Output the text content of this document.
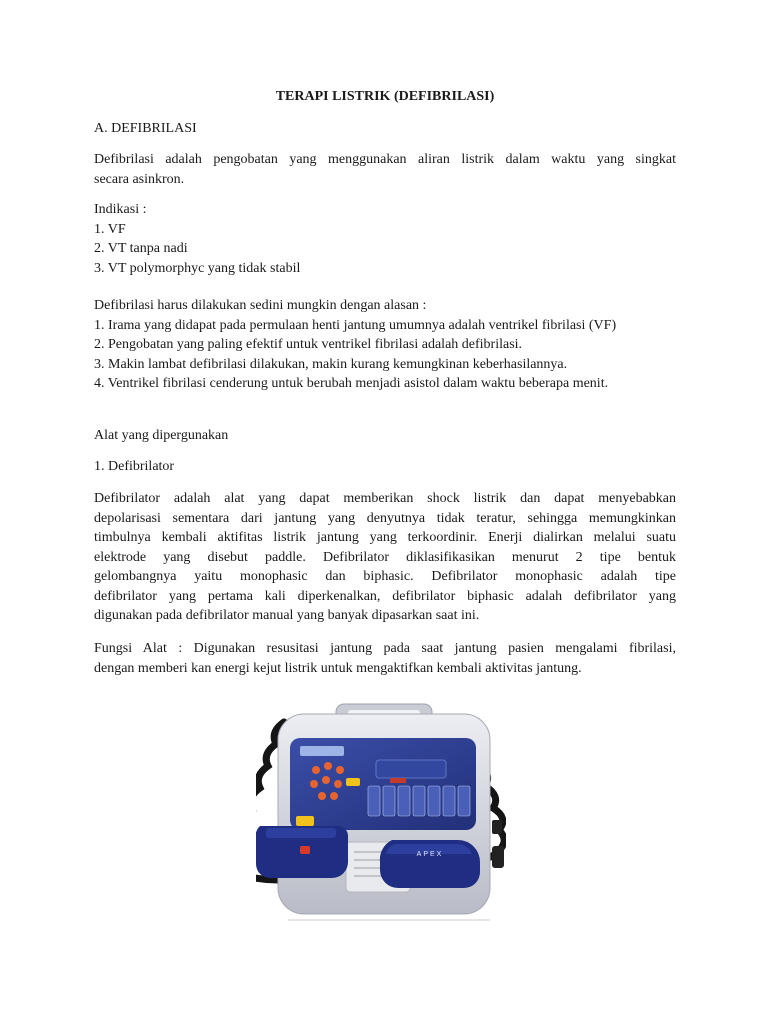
TERAPI LISTRIK (DEFIBRILASI)

A. DEFIBRILASI

Defibrilasi adalah pengobatan yang menggunakan aliran listrik dalam waktu yang singkat
secara asinkron.

Indikasi :
1. VF
2. VT tanpa nadi
3. VT polymorphyc yang tidak stabil
Defibrilasi harus dilakukan sedini mungkin dengan alasan :
1. Irama yang didapat pada permulaan henti jantung umumnya adalah ventrikel fibrilasi (VF)
2. Pengobatan yang paling efektif untuk ventrikel fibrilasi adalah defibrilasi.
3. Makin lambat defibrilasi dilakukan, makin kurang kemungkinan keberhasilannya.
4. Ventrikel fibrilasi cenderung untuk berubah menjadi asistol dalam waktu beberapa menit.

Alat yang dipergunakan

1. Defibrilator

Defibrilator adalah alat yang dapat memberikan shock listrik dan dapat menyebabkan
depolarisasi sementara dari jantung yang denyutnya tidak teratur, sehingga memungkinkan
timbulnya kembali aktifitas listrik jantung yang terkoordinir. Enerji dialirkan melalui suatu
elektrode yang disebut paddle. Defibrilator diklasifikasikan menurut 2 tipe bentuk
gelombangnya yaitu monophasic dan biphasic. Defibrilator monophasic adalah tipe
defibrilator yang pertama kali diperkenalkan, defibrilator biphasic adalah defibrilator yang
digunakan pada defibrilator manual yang banyak dipasarkan saat ini.
Fungsi Alat : Digunakan resusitasi jantung pada saat jantung pasien mengalami fibrilasi,
dengan memberi kan energi kejut listrik untuk mengaktifkan kembali aktivitas jantung.
APEX
